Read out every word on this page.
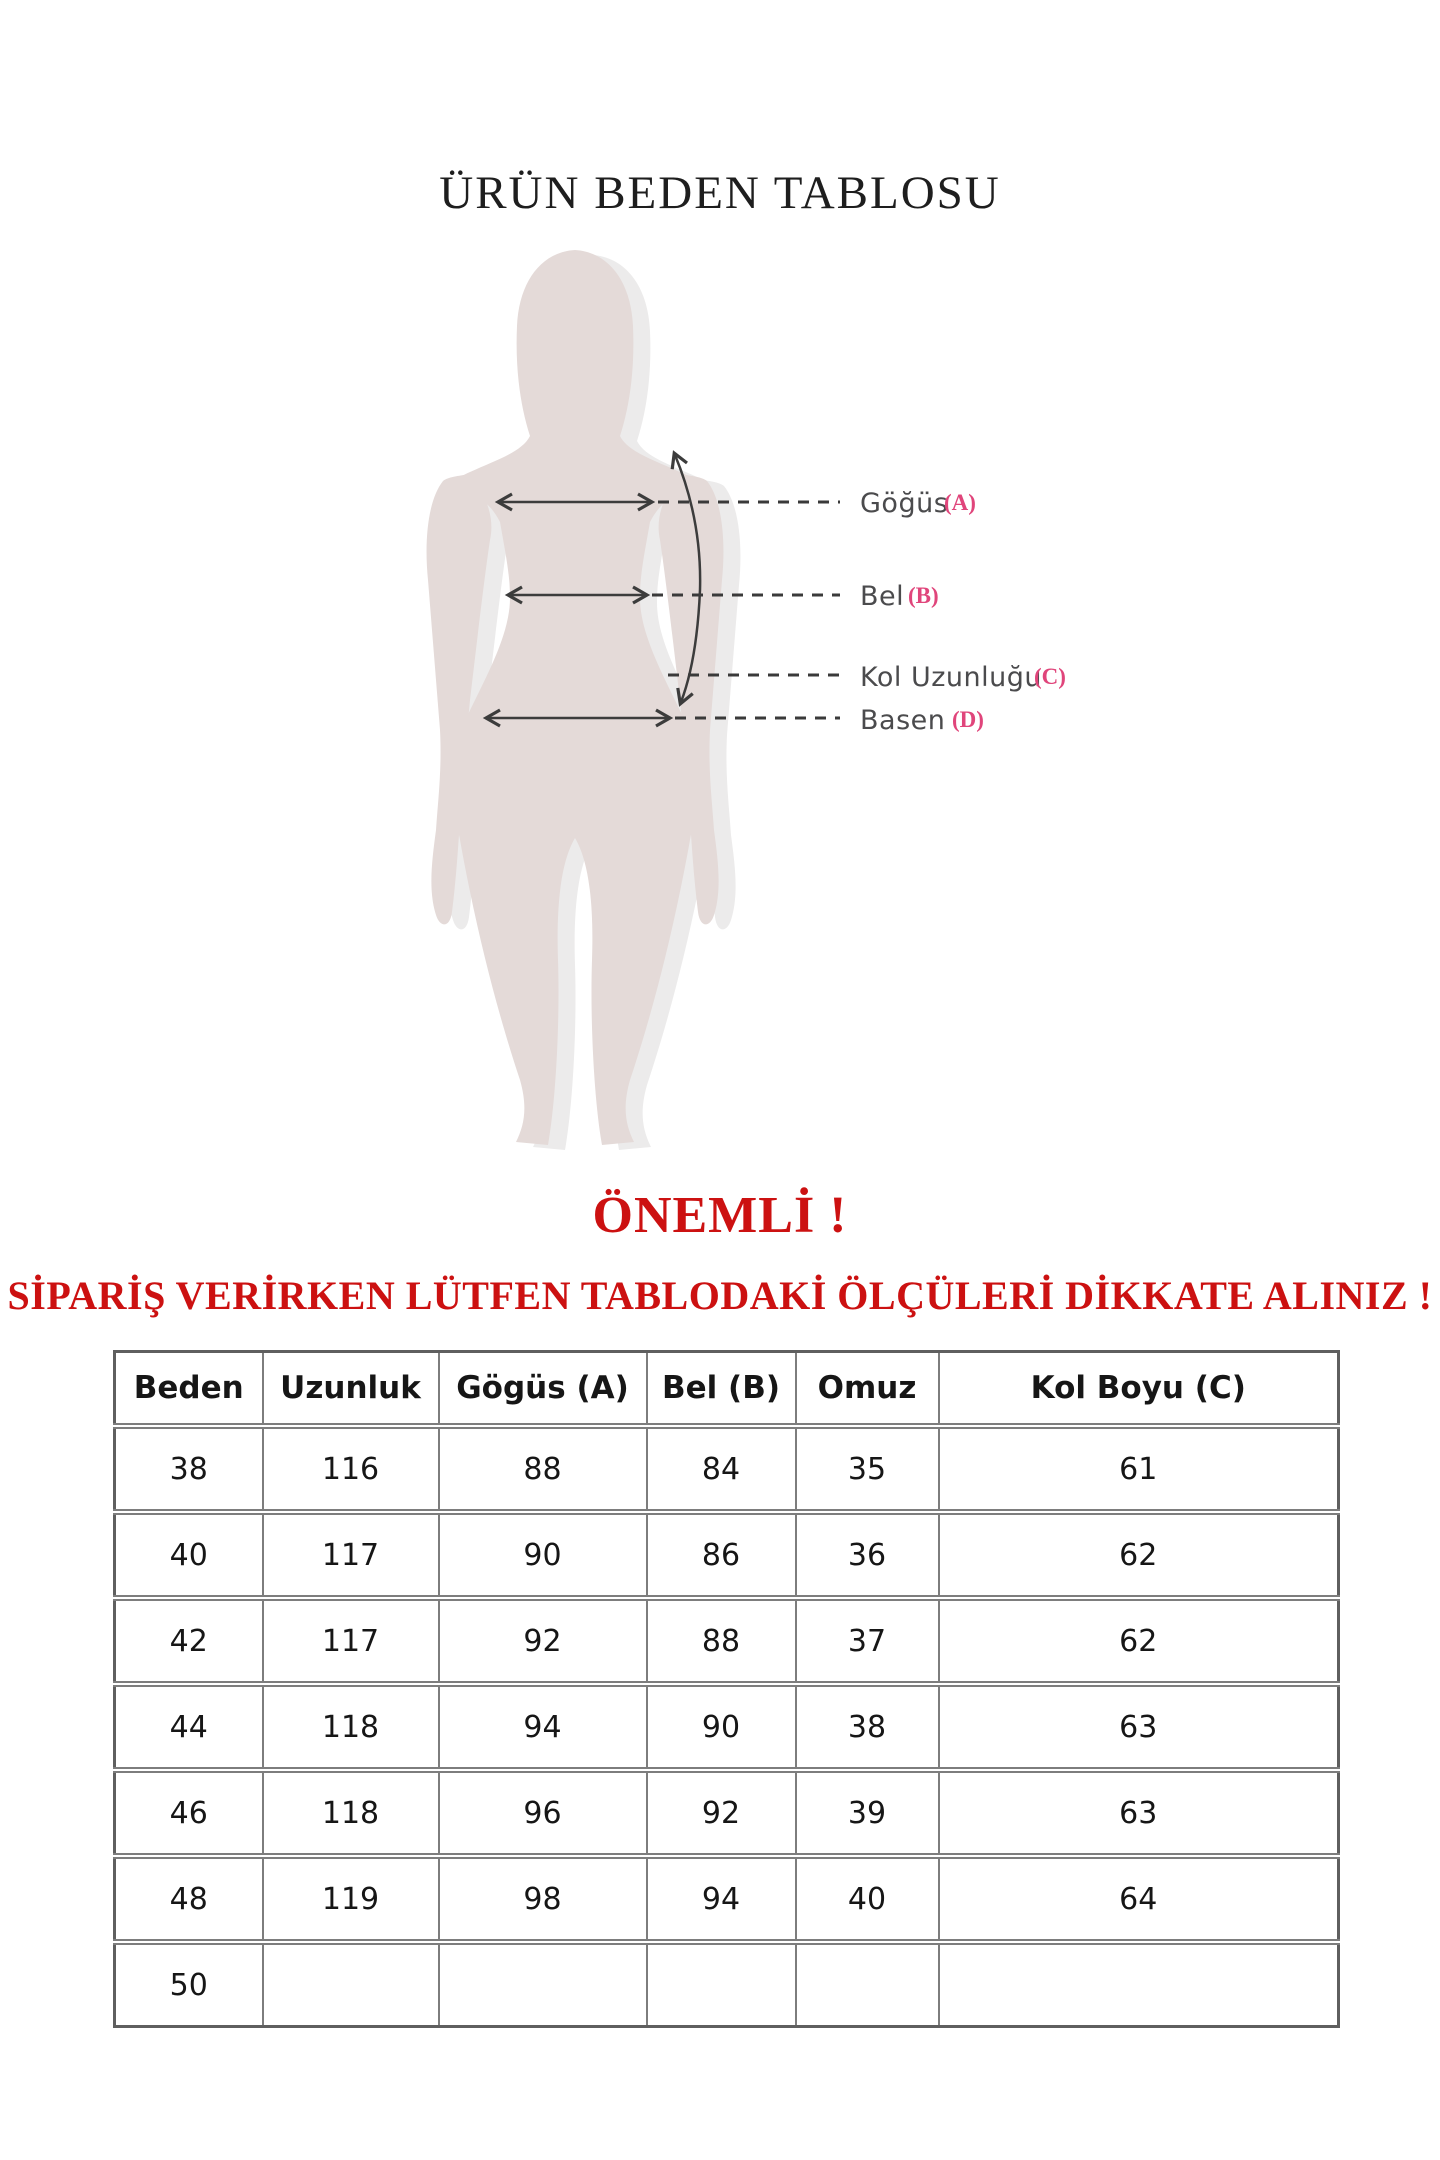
ÜRÜN BEDEN TABLOSU
Göğüs
(A)
Bel (B)
Kol Uzunluğu
(C)
Basen (D)
ÖNEMLİ !
SİPARİŞ VERİRKEN LÜTFEN TABLODAKİ ÖLÇÜLERİ DİKKATE ALINIZ !
Beden	Uzunluk	Gögüs (A)	Bel (B)	Omuz	Kol Boyu (C)
38	116	88	84	35	61
40	117	90	86	36	62
42	117	92	88	37	62
44	118	94	90	38	63
46	118	96	92	39	63
48	119	98	94	40	64
50					
